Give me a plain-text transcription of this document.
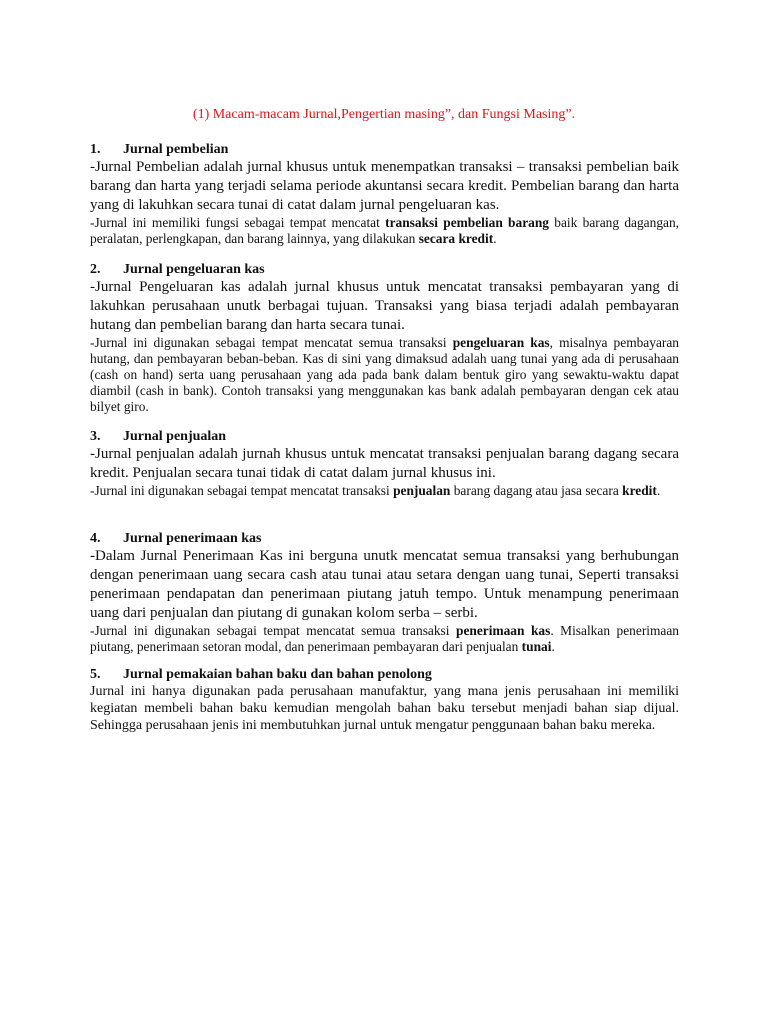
(1) Macam-macam Jurnal,Pengertian masing”, dan Fungsi Masing”.
1. Jurnal pembelian
-Jurnal Pembelian adalah jurnal khusus untuk menempatkan transaksi – transaksi pembelian baik barang dan harta yang terjadi selama periode akuntansi secara kredit. Pembelian barang dan harta yang di lakuhkan secara tunai di catat dalam jurnal pengeluaran kas.
-Jurnal ini memiliki fungsi sebagai tempat mencatat transaksi pembelian barang baik barang dagangan, peralatan, perlengkapan, dan barang lainnya, yang dilakukan secara kredit.
2. Jurnal pengeluaran kas
-Jurnal Pengeluaran kas adalah jurnal khusus untuk mencatat transaksi pembayaran yang di lakuhkan perusahaan unutk berbagai tujuan. Transaksi yang biasa terjadi adalah pembayaran hutang dan pembelian barang dan harta secara tunai.
-Jurnal ini digunakan sebagai tempat mencatat semua transaksi pengeluaran kas, misalnya pembayaran hutang, dan pembayaran beban-beban. Kas di sini yang dimaksud adalah uang tunai yang ada di perusahaan (cash on hand) serta uang perusahaan yang ada pada bank dalam bentuk giro yang sewaktu-waktu dapat diambil (cash in bank). Contoh transaksi yang menggunakan kas bank adalah pembayaran dengan cek atau bilyet giro.
3. Jurnal penjualan
-Jurnal penjualan adalah jurnah khusus untuk mencatat transaksi penjualan barang dagang secara kredit. Penjualan secara tunai tidak di catat dalam jurnal khusus ini.
-Jurnal ini digunakan sebagai tempat mencatat transaksi penjualan barang dagang atau jasa secara kredit.
4. Jurnal penerimaan kas
-Dalam Jurnal Penerimaan Kas ini berguna unutk mencatat semua transaksi yang berhubungan dengan penerimaan uang secara cash atau tunai atau setara dengan uang tunai, Seperti transaksi penerimaan pendapatan dan penerimaan piutang jatuh tempo. Untuk menampung penerimaan uang dari penjualan dan piutang di gunakan kolom serba – serbi.
-Jurnal ini digunakan sebagai tempat mencatat semua transaksi penerimaan kas. Misalkan penerimaan piutang, penerimaan setoran modal, dan penerimaan pembayaran dari penjualan tunai.
5. Jurnal pemakaian bahan baku dan bahan penolong
Jurnal ini hanya digunakan pada perusahaan manufaktur, yang mana jenis perusahaan ini memiliki kegiatan membeli bahan baku kemudian mengolah bahan baku tersebut menjadi bahan siap dijual. Sehingga perusahaan jenis ini membutuhkan jurnal untuk mengatur penggunaan bahan baku mereka.
